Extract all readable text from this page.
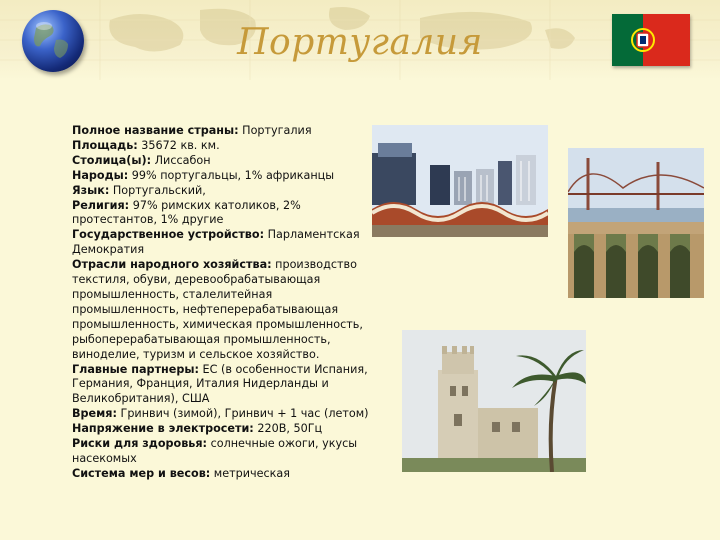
Португалия

Полное название страны: Португалия

Площадь: 35672 кв. км.

Столица(ы): Лиссабон

Народы: 99% португальцы, 1% африканцы

Язык: Португальский,

Религия: 97% римских католиков, 2% протестантов, 1% другие

Государственное устройство: Парламентская Демократия

Отрасли народного хозяйства: производство текстиля, обуви, деревообрабатывающая промышленность, сталелитейная промышленность, нефтеперерабатывающая промышленность, химическая промышленность, рыбоперерабатывающая промышленность, винoделие, туризм и сельское хозяйство.

Главные партнеры: ЕС (в особенности Испания, Германия, Франция, Италия Нидерланды и Великобритания), США

Время: Гринвич (зимой), Гринвич + 1 час (летом)

Напряжение в электросети: 220В, 50Гц

Риски для здоровья: солнечные ожоги, укусы насекомых

Система мер и весов: метрическая
